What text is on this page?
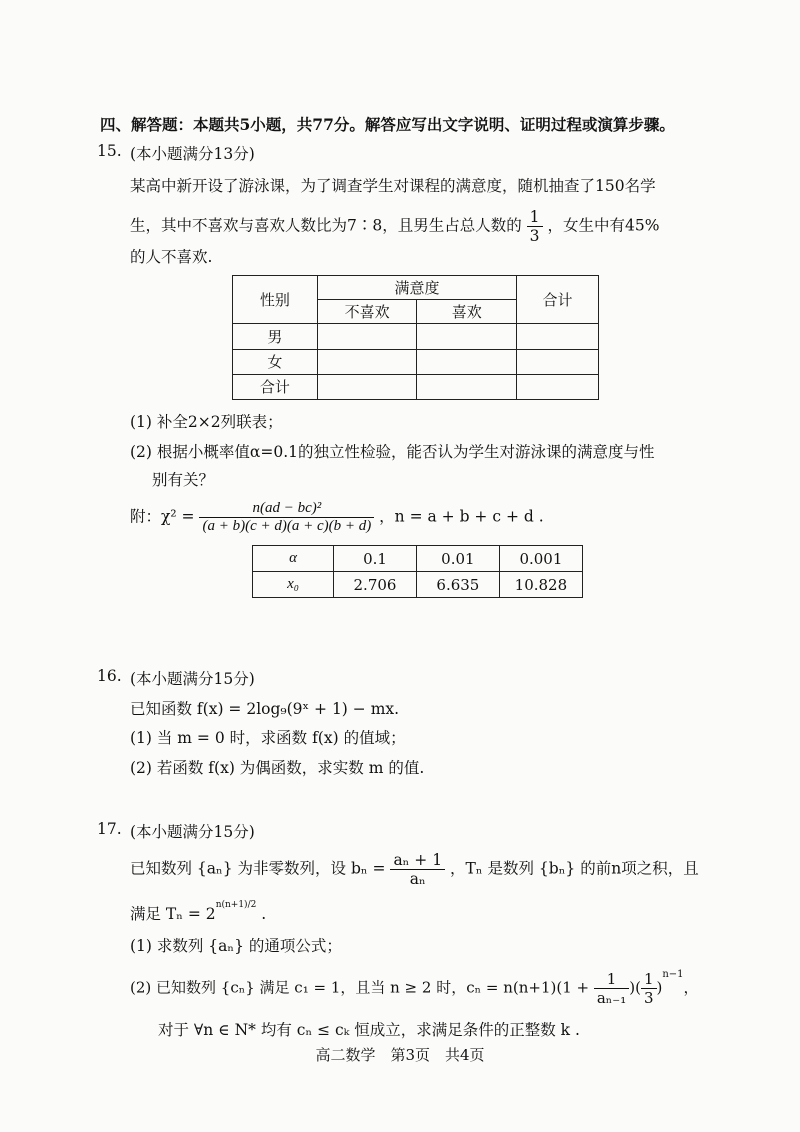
四、解答题：本题共5小题，共77分。解答应写出文字说明、证明过程或演算步骤。
15. (本小题满分13分)
某高中新开设了游泳课，为了调查学生对课程的满意度，随机抽查了150名学
生，其中不喜欢与喜欢人数比为7∶8，且男生占总人数的 $\frac{1}{3}$ ，女生中有45%
的人不喜欢.
性别	满意度		合计
	不喜欢	喜欢	
男			
女			
合计			
(1) 补全2×2列联表；
(2) 根据小概率值α=0.1的独立性检验，能否认为学生对游泳课的满意度与性
别有关？
附：$\chi^2 = \frac{\text{n(ad − bc)²}}{(a + b)(c + d)(a + c)(b + d)}$ ，n = a + b + c + d .
α	0.1	0.01	0.001
x₀	2.706	6.635	10.828
16. (本小题满分15分)
已知函数 f(x) = 2log₉(9ˣ + 1) − mx.
(1) 当 m = 0 时，求函数 f(x) 的值域；
(2) 若函数 f(x) 为偶函数，求实数 m 的值.
17. (本小题满分15分)
已知数列 {aₙ} 为非零数列，设 $b_n = \frac{\text{aₙ + 1}}{\text{aₙ}}$ ，Tₙ 是数列 {bₙ} 的前n项之积，且
满足 $T_n = 2^{n(n+1)/2}$ .
(1) 求数列 {aₙ} 的通项公式；
(2) 已知数列 {cₙ} 满足 c₁ = 1，且当 n ≥ 2 时，$c_n = n(n+1)(1 + \frac{1}{\text{aₙ₋₁}}$ )( $\frac{1}{3} )^{n-1}$，
对于 ∀n ∈ N* 均有 cₙ ≤ cₖ 恒成立，求满足条件的正整数 k .
高二数学　第3页　共4页
